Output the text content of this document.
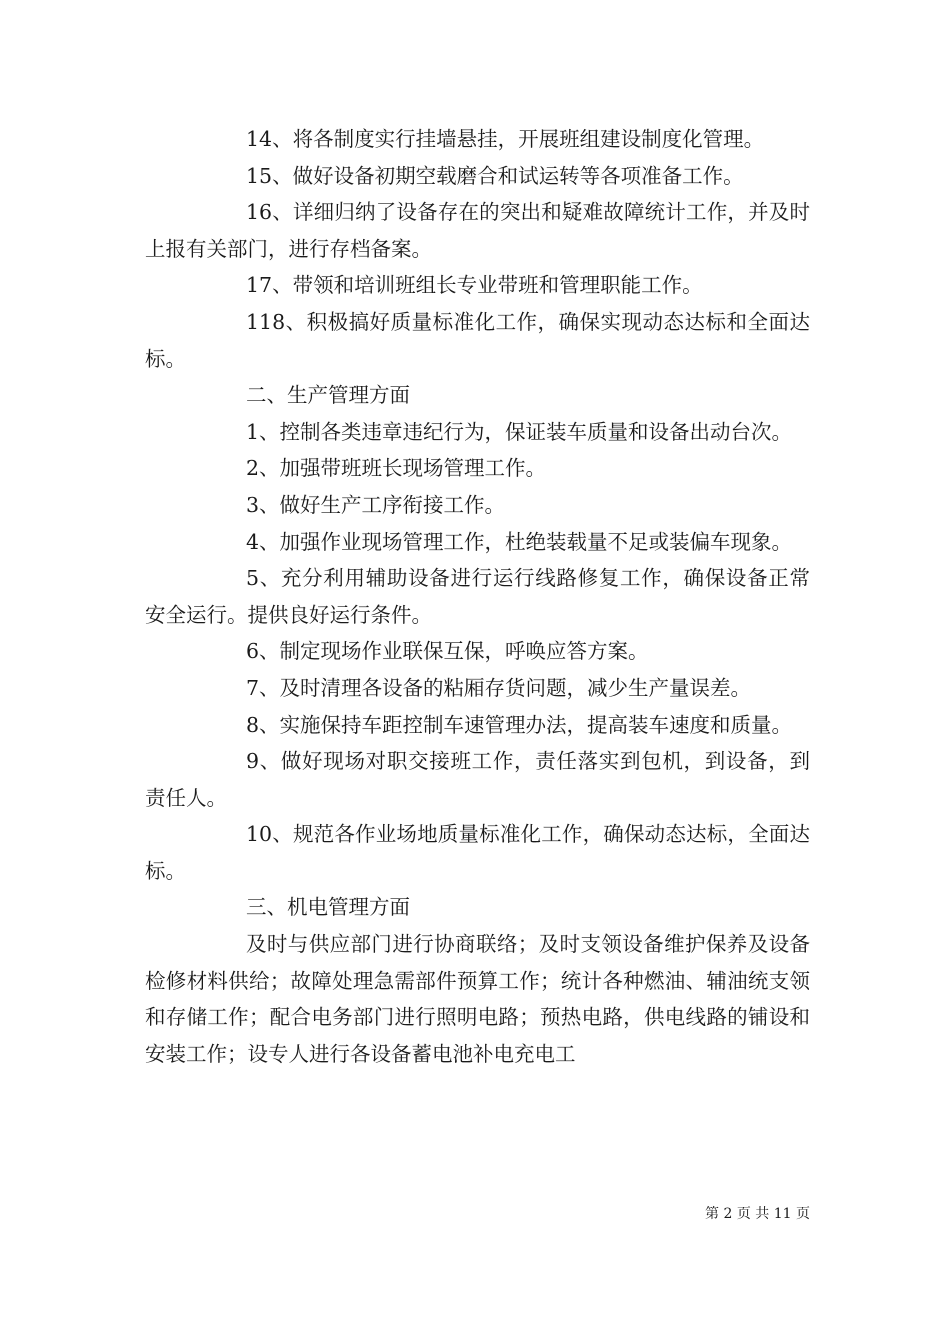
14、将各制度实行挂墙悬挂，开展班组建设制度化管理。

15、做好设备初期空载磨合和试运转等各项准备工作。

16、详细归纳了设备存在的突出和疑难故障统计工作，并及时上报有关部门，进行存档备案。

17、带领和培训班组长专业带班和管理职能工作。

118、积极搞好质量标准化工作，确保实现动态达标和全面达标。

二、生产管理方面

1、控制各类违章违纪行为，保证装车质量和设备出动台次。

2、加强带班班长现场管理工作。

3、做好生产工序衔接工作。

4、加强作业现场管理工作，杜绝装载量不足或装偏车现象。

5、充分利用辅助设备进行运行线路修复工作，确保设备正常安全运行。提供良好运行条件。

6、制定现场作业联保互保，呼唤应答方案。

7、及时清理各设备的粘厢存货问题，减少生产量误差。

8、实施保持车距控制车速管理办法，提高装车速度和质量。

9、做好现场对职交接班工作，责任落实到包机，到设备，到责任人。

10、规范各作业场地质量标准化工作，确保动态达标，全面达标。

三、机电管理方面

及时与供应部门进行协商联络；及时支领设备维护保养及设备检修材料供给；故障处理急需部件预算工作；统计各种燃油、辅油统支领和存储工作；配合电务部门进行照明电路；预热电路，供电线路的铺设和安装工作；设专人进行各设备蓄电池补电充电工

第 2 页 共 11 页
